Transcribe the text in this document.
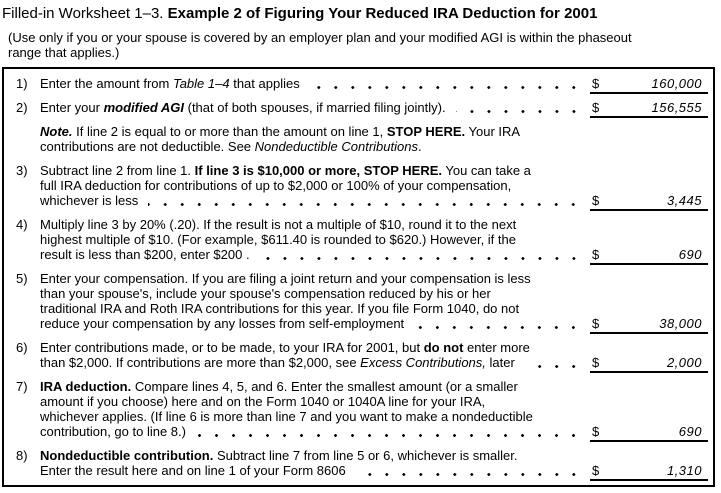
Filled-in Worksheet 1–3. Example 2 of Figuring Your Reduced IRA Deduction for 2001
(Use only if you or your spouse is covered by an employer plan and your modified AGI is within the phaseout
range that applies.)
1) Enter the amount from Table 1–4 that applies	$	160,000
2) Enter your modified AGI (that of both spouses, if married filing jointly).	$	156,555
Note. If line 2 is equal to or more than the amount on line 1, STOP HERE. Your IRA
contributions are not deductible. See Nondeductible Contributions.
3) Subtract line 2 from line 1. If line 3 is $10,000 or more, STOP HERE. You can take a
full IRA deduction for contributions of up to $2,000 or 100% of your compensation,
whichever is less	$	3,445
4) Multiply line 3 by 20% (.20). If the result is not a multiple of $10, round it to the next
highest multiple of $10. (For example, $611.40 is rounded to $620.) However, if the
result is less than $200, enter $200 .	$	690
5) Enter your compensation. If you are filing a joint return and your compensation is less
than your spouse's, include your spouse's compensation reduced by his or her
traditional IRA and Roth IRA contributions for this year. If you file Form 1040, do not
reduce your compensation by any losses from self-employment	$	38,000
6) Enter contributions made, or to be made, to your IRA for 2001, but do not enter more
than $2,000. If contributions are more than $2,000, see Excess Contributions, later	$	2,000
7) IRA deduction. Compare lines 4, 5, and 6. Enter the smallest amount (or a smaller
amount if you choose) here and on the Form 1040 or 1040A line for your IRA,
whichever applies. (If line 6 is more than line 7 and you want to make a nondeductible
contribution, go to line 8.)	$	690
8) Nondeductible contribution. Subtract line 7 from line 5 or 6, whichever is smaller.
Enter the result here and on line 1 of your Form 8606	$	1,310
